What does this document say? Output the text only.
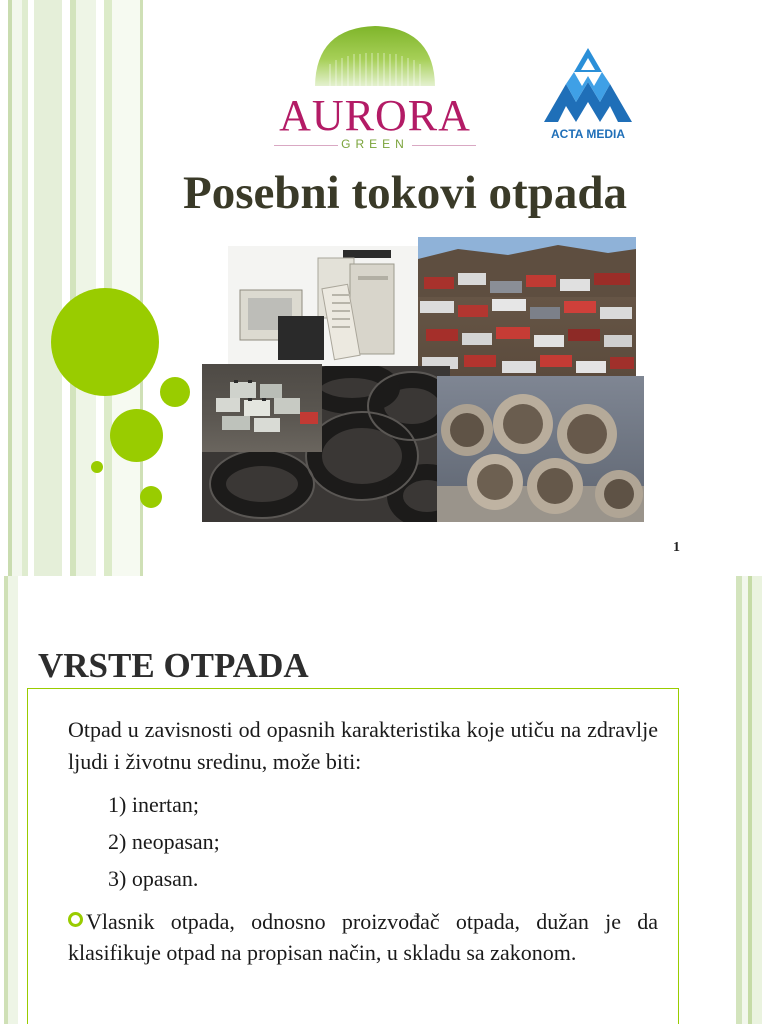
AURORA
GREEN
ACTA MEDIA
Posebni tokovi otpada
1
VRSTE OTPADA

Otpad u zavisnosti od opasnih karakteristika koje utiču na zdravlje ljudi i životnu sredinu, može biti:

1) inertan;
2) neopasan;
3) opasan.

Vlasnik otpada, odnosno proizvođač otpada, dužan je da klasifikuje otpad na propisan način, u skladu sa zakonom.
